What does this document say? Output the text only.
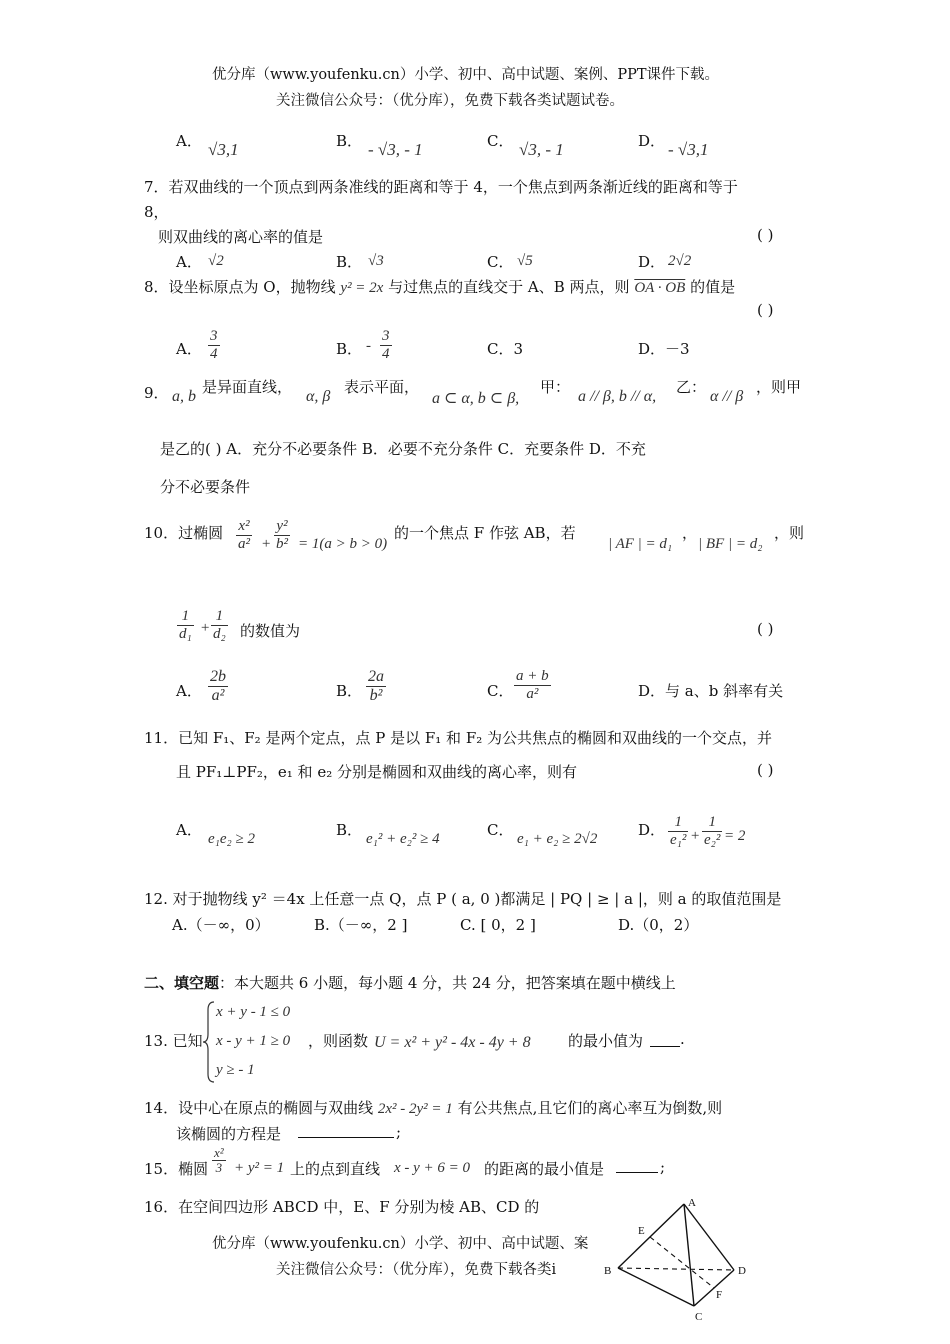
优分库（www.youfenku.cn）小学、初中、高中试题、案例、PPT课件下载。
关注微信公众号：（优分库），免费下载各类试题试卷。
A． √3,1	B． - √3, - 1	C． √3, - 1	D． - √3,1
7．若双曲线的一个顶点到两条准线的距离和等于 4，一个焦点到两条渐近线的距离和等于
8，
则双曲线的离心率的值是	( )
A． √2	B． √3	C． √5	D． 2√2
8．设坐标原点为 O，抛物线 y² = 2x 与过焦点的直线交于 A、B 两点，则 OA · OB 的值是
( )
A． $\frac{3}{4}$	B． - $\frac{3}{4}$	C．3	D．－3
9． a, b
是异面直线，
α, β
表示平面，
a ⊂ α, b ⊂ β,
甲：
a // β, b // α,
乙：
α // β
，则甲
是乙的( ) A．充分不必要条件 B．必要不充分条件 C．充要条件 D．不充
分不必要条件
10．过椭圆 $\frac{\text{x²}}{\text{a²}} + \frac{\text{y²}}{\text{b²}} = 1(a > b > 0)$
的一个焦点 F 作弦 AB，若
| AF | = d₁
，
| BF | = d₂
，则
$\frac{1}{\text{d₁}} + \frac{1}{\text{d₂}}$ 的数值为	( )
A． $\frac{2b}{\text{a²}}$	B． $\frac{2a}{\text{b²}}$	C． $\frac{a + b}{\text{a²}}$	D．与 a、b 斜率有关
11．已知 F₁、F₂ 是两个定点，点 P 是以 F₁ 和 F₂ 为公共焦点的椭圆和双曲线的一个交点，并
且 PF₁⊥PF₂，e₁ 和 e₂ 分别是椭圆和双曲线的离心率，则有	( )
A． e₁e₂ ≥ 2	B． e₁² + e₂² ≥ 4	C． e₁ + e₂ ≥ 2√2	D． $\frac{1}{\text{e₁²}} + \frac{1}{\text{e₂²}} = 2$
12. 对于抛物线 y² ＝4x 上任意一点 Q，点 P ( a, 0 )都满足 | PQ | ≥ | a |，则 a 的取值范围是
A.（－∞，0）	B.（－∞，2 ]	C. [ 0，2 ]	D.（0，2）
二、填空题：本大题共 6 小题，每小题 4 分，共 24 分，把答案填在题中横线上
13. 已知
x + y - 1 ≤ 0
x - y + 1 ≥ 0
y ≥ - 1
，则函数 U = x² + y² - 4x - 4y + 8 的最小值为 .
14．设中心在原点的椭圆与双曲线 2x² - 2y² = 1 有公共焦点,且它们的离心率互为倒数,则
该椭圆的方程是	;
15．椭圆 $\frac{\text{x²}}{3} + y^2 = 1$ 上的点到直线 x - y + 6 = 0 的距离的最小值是	;
16．在空间四边形 ABCD 中，E、F 分别为棱 AB、CD 的
优分库（www.youfenku.cn）小学、初中、高中试题、案
关注微信公众号：（优分库），免费下载各类i
A
B
C
D
E
F
